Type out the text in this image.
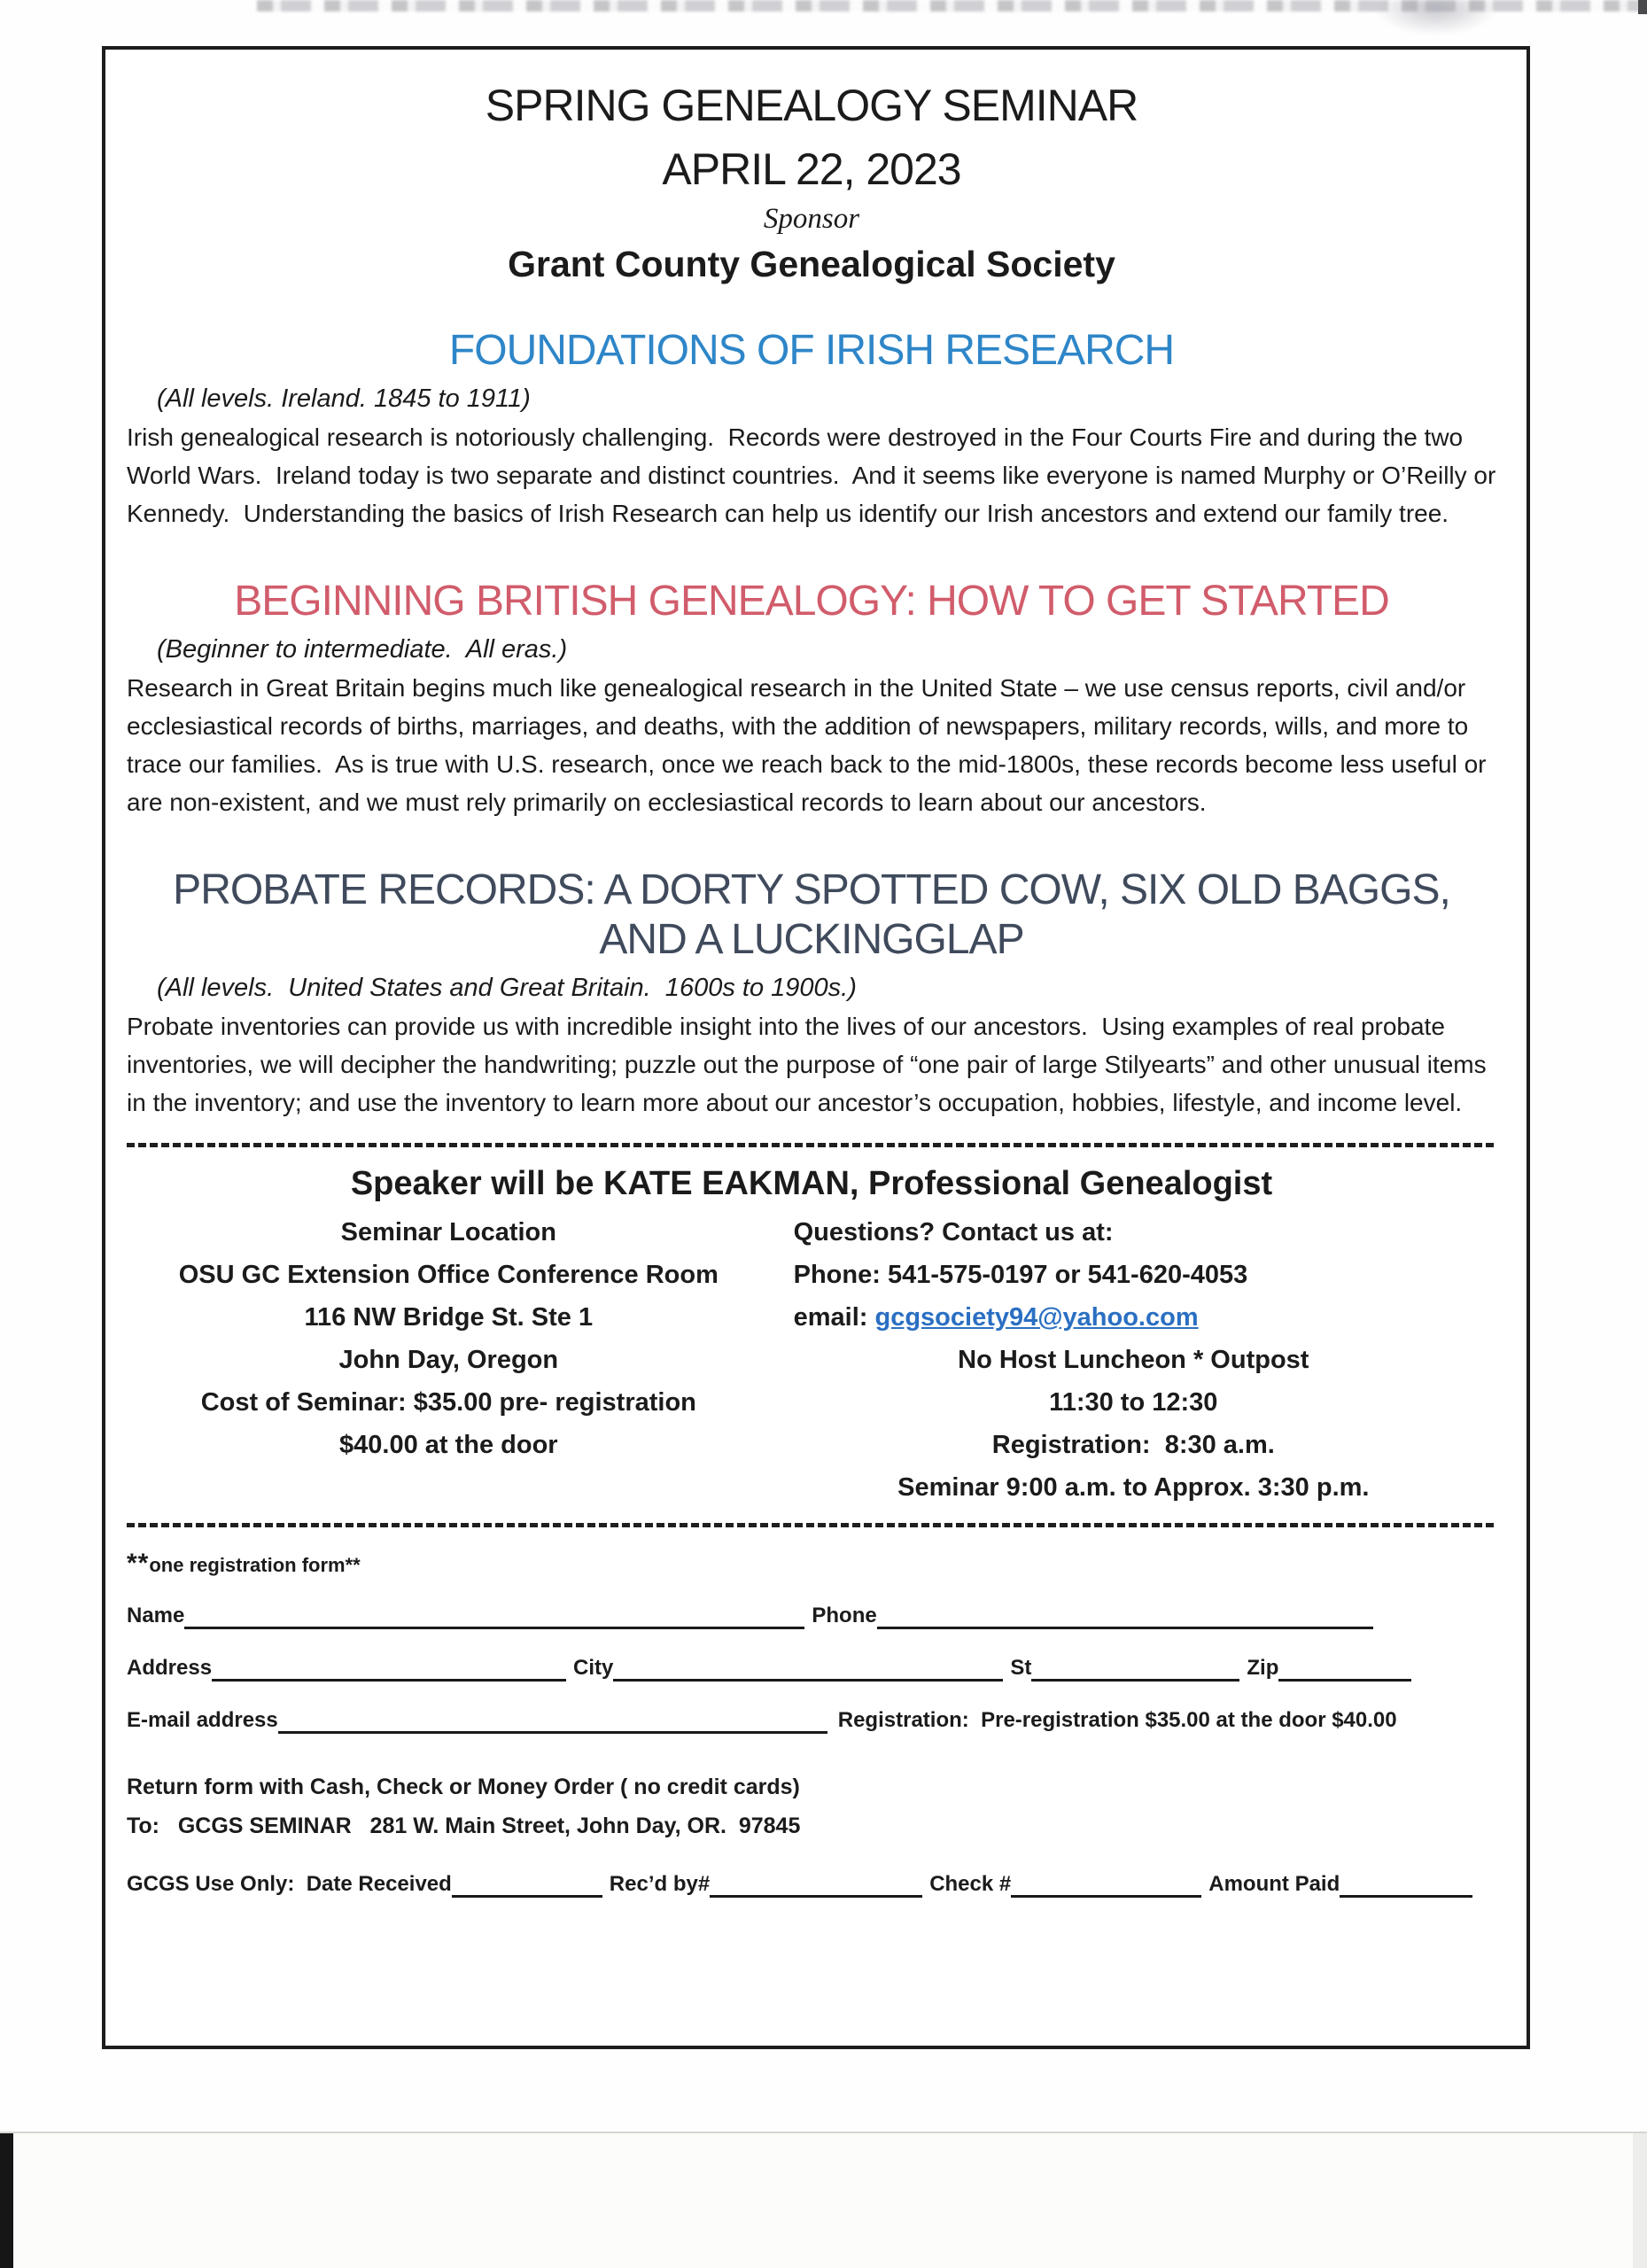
SPRING GENEALOGY SEMINAR
APRIL 22, 2023
Sponsor
Grant County Genealogical Society
FOUNDATIONS OF IRISH RESEARCH
(All levels. Ireland. 1845 to 1911)

Irish genealogical research is notoriously challenging.  Records were destroyed in the Four Courts Fire and during the two World Wars.  Ireland today is two separate and distinct countries.  And it seems like everyone is named Murphy or O’Reilly or Kennedy.  Understanding the basics of Irish Research can help us identify our Irish ancestors and extend our family tree.

BEGINNING BRITISH GENEALOGY: HOW TO GET STARTED
(Beginner to intermediate.  All eras.)

Research in Great Britain begins much like genealogical research in the United State – we use census reports, civil and/or ecclesiastical records of births, marriages, and deaths, with the addition of newspapers, military records, wills, and more to trace our families.  As is true with U.S. research, once we reach back to the mid-1800s, these records become less useful or are non-existent, and we must rely primarily on ecclesiastical records to learn about our ancestors.

PROBATE RECORDS: A DORTY SPOTTED COW, SIX OLD BAGGS,
AND A LUCKINGGLAP
(All levels.  United States and Great Britain.  1600s to 1900s.)

Probate inventories can provide us with incredible insight into the lives of our ancestors.  Using examples of real probate inventories, we will decipher the handwriting; puzzle out the purpose of “one pair of large Stilyearts” and other unusual items in the inventory; and use the inventory to learn more about our ancestor’s occupation, hobbies, lifestyle, and income level.

Speaker will be KATE EAKMAN, Professional Genealogist
Seminar Location
OSU GC Extension Office Conference Room
116 NW Bridge St. Ste 1
John Day, Oregon
Cost of Seminar: $35.00 pre- registration
$40.00 at the door
Questions? Contact us at:
Phone: 541-575-0197 or 541-620-4053
email: gcgsociety94@yahoo.com
No Host Luncheon * Outpost
11:30 to 12:30
Registration:  8:30 a.m.
Seminar 9:00 a.m. to Approx. 3:30 p.m.
**one registration form**
Name	Phone
Address	City	St	Zip
E-mail address	Registration:  Pre-registration $35.00 at the door $40.00
Return form with Cash, Check or Money Order ( no credit cards)
To:   GCGS SEMINAR   281 W. Main Street, John Day, OR.  97845
GCGS Use Only:  Date Received	Rec’d by#	Check #	Amount Paid
